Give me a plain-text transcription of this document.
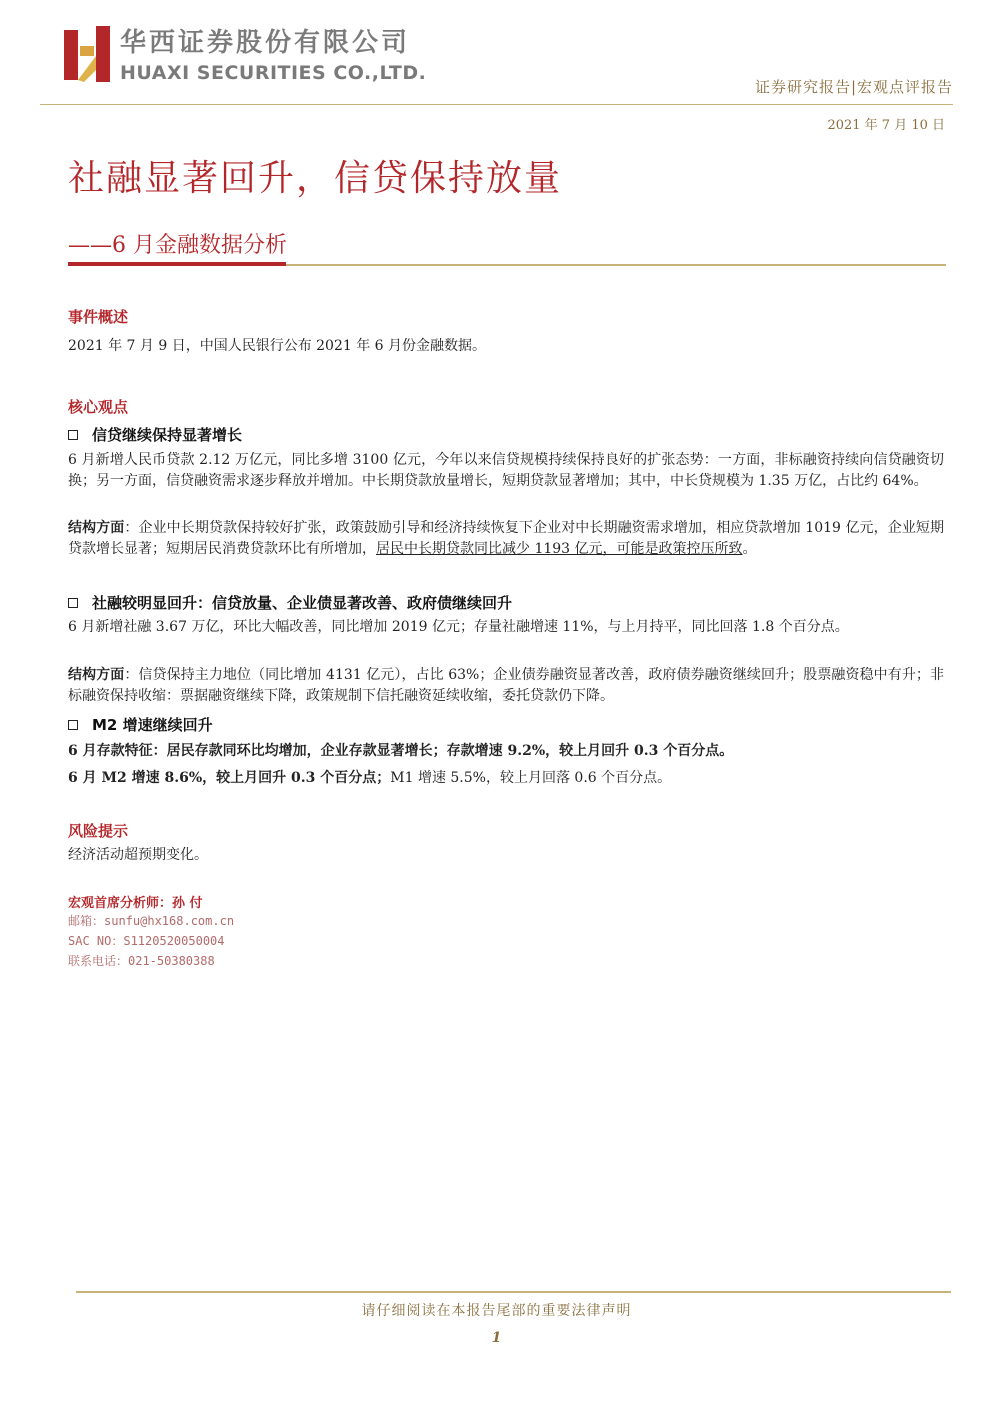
华西证券股份有限公司
HUAXI SECURITIES CO.,LTD.
证券研究报告|宏观点评报告
2021 年 7 月 10 日
社融显著回升，信贷保持放量
——6 月金融数据分析
事件概述
2021 年 7 月 9 日，中国人民银行公布 2021 年 6 月份金融数据。
核心观点
信贷继续保持显著增长
6 月新增人民币贷款 2.12 万亿元，同比多增 3100 亿元，今年以来信贷规模持续保持良好的扩张态势：一方面，非标融资持续向信贷融资切换；另一方面，信贷融资需求逐步释放并增加。中长期贷款放量增长，短期贷款显著增加；其中，中长贷规模为 1.35 万亿，占比约 64%。
结构方面：企业中长期贷款保持较好扩张，政策鼓励引导和经济持续恢复下企业对中长期融资需求增加，相应贷款增加 1019 亿元，企业短期贷款增长显著；短期居民消费贷款环比有所增加，居民中长期贷款同比减少 1193 亿元，可能是政策控压所致。
社融较明显回升：信贷放量、企业债显著改善、政府债继续回升
6 月新增社融 3.67 万亿，环比大幅改善，同比增加 2019 亿元；存量社融增速 11%，与上月持平，同比回落 1.8 个百分点。
结构方面：信贷保持主力地位（同比增加 4131 亿元），占比 63%；企业债券融资显著改善，政府债券融资继续回升；股票融资稳中有升；非标融资保持收缩：票据融资继续下降，政策规制下信托融资延续收缩，委托贷款仍下降。
M2 增速继续回升
6 月存款特征：居民存款同环比均增加，企业存款显著增长；存款增速 9.2%，较上月回升 0.3 个百分点。
6 月 M2 增速 8.6%，较上月回升 0.3 个百分点；M1 增速 5.5%，较上月回落 0.6 个百分点。
风险提示
经济活动超预期变化。
宏观首席分析师：孙 付
邮箱：sunfu@hx168.com.cn
SAC NO：S1120520050004
联系电话：021-50380388
请仔细阅读在本报告尾部的重要法律声明
1
